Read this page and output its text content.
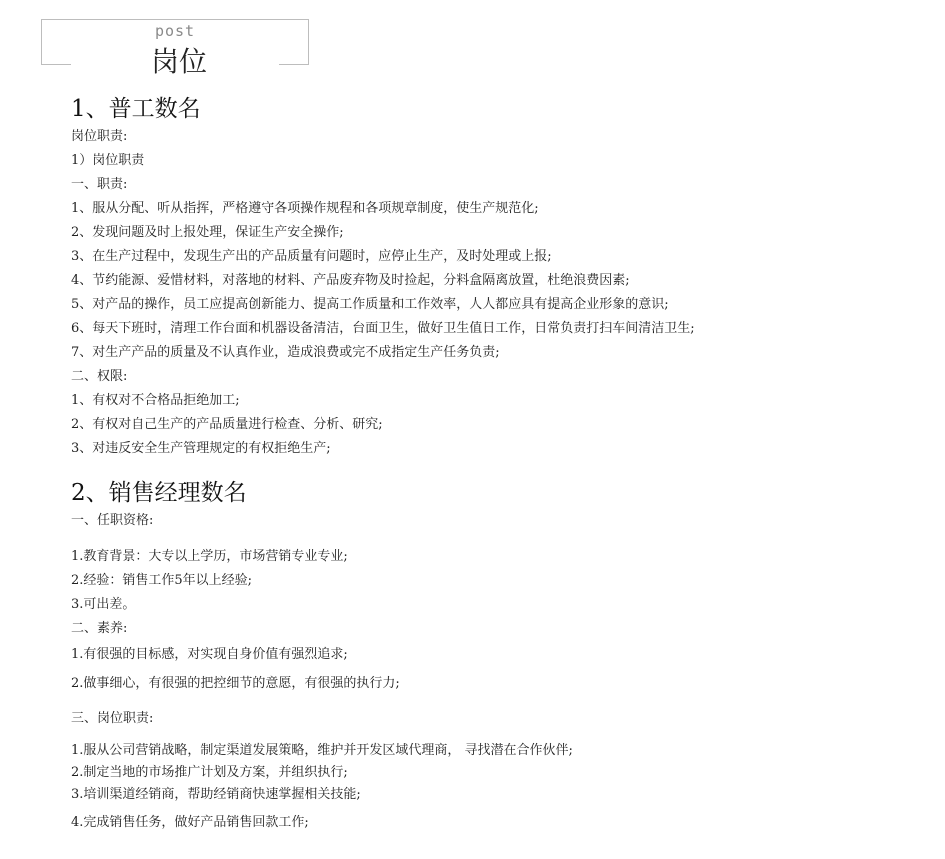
post
岗位
1、普工数名
岗位职责:
1）岗位职责
一、职责:
1、服从分配、听从指挥，严格遵守各项操作规程和各项规章制度，使生产规范化;
2、发现问题及时上报处理，保证生产安全操作;
3、在生产过程中，发现生产出的产品质量有问题时，应停止生产，及时处理或上报;
4、节约能源、爱惜材料，对落地的材料、产品废弃物及时捡起，分料盒隔离放置，杜绝浪费因素;
5、对产品的操作，员工应提高创新能力、提高工作质量和工作效率，人人都应具有提高企业形象的意识;
6、每天下班时，清理工作台面和机器设备清洁，台面卫生，做好卫生值日工作，日常负责打扫车间清洁卫生;
7、对生产产品的质量及不认真作业，造成浪费或完不成指定生产任务负责;
二、权限:
1、有权对不合格品拒绝加工;
2、有权对自己生产的产品质量进行检查、分析、研究;
3、对违反安全生产管理规定的有权拒绝生产;
2、销售经理数名
一、任职资格:
1.教育背景：大专以上学历，市场营销专业专业;
2.经验：销售工作5年以上经验;
3.可出差。
二、素养:
1.有很强的目标感，对实现自身价值有强烈追求;
2.做事细心，有很强的把控细节的意愿，有很强的执行力;
三、岗位职责:
1.服从公司营销战略，制定渠道发展策略，维护并开发区域代理商， 寻找潜在合作伙伴;
2.制定当地的市场推广计划及方案，并组织执行;
3.培训渠道经销商，帮助经销商快速掌握相关技能;
4.完成销售任务，做好产品销售回款工作;
